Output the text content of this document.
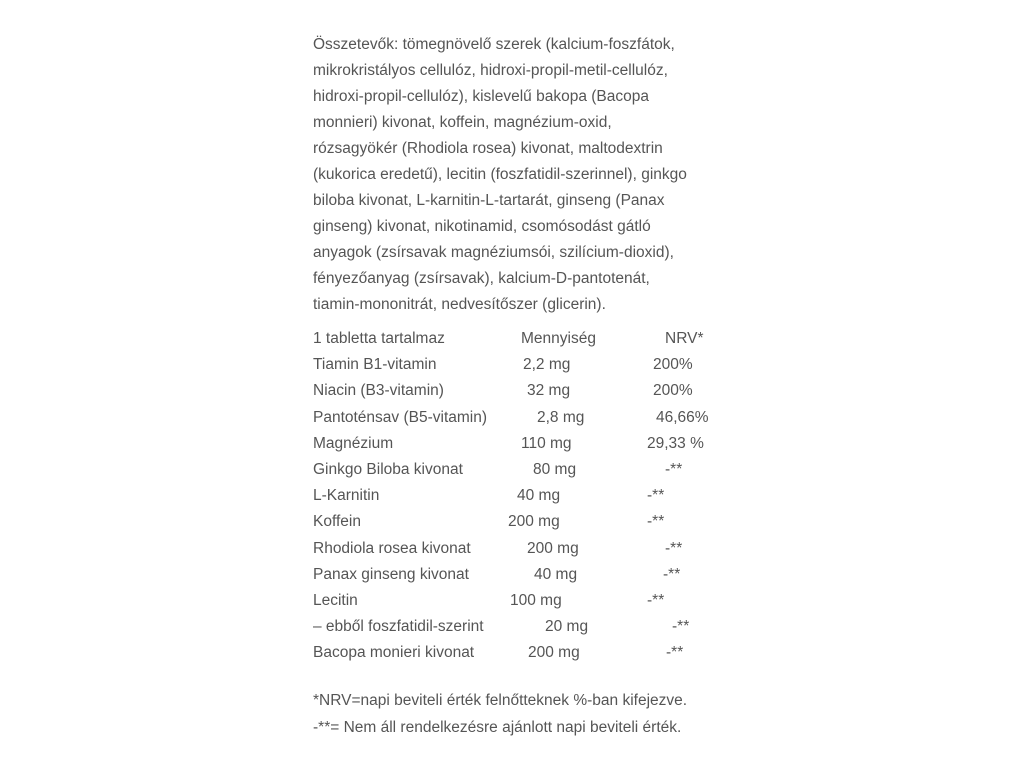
Összetevők: tömegnövelő szerek (kalcium-foszfátok,
mikrokristályos cellulóz, hidroxi-propil-metil-cellulóz,
hidroxi-propil-cellulóz), kislevelű bakopa (Bacopa
monnieri) kivonat, koffein, magnézium-oxid,
rózsagyökér (Rhodiola rosea) kivonat, maltodextrin
(kukorica eredetű), lecitin (foszfatidil-szerinnel), ginkgo
biloba kivonat, L-karnitin-L-tartarát, ginseng (Panax
ginseng) kivonat, nikotinamid, csomósodást gátló
anyagok (zsírsavak magnéziumsói, szilícium-dioxid),
fényezőanyag (zsírsavak), kalcium-D-pantotenát,
tiamin-mononitrát, nedvesítőszer (glicerin).
1 tabletta tartalmaz	Mennyiség	NRV*
Tiamin B1-vitamin	2,2 mg	200%
Niacin (B3-vitamin)	32 mg	200%
Pantoténsav (B5-vitamin)	2,8 mg	46,66%
Magnézium	110 mg	29,33 %
Ginkgo Biloba kivonat	80 mg	-**
L-Karnitin	40 mg	-**
Koffein	200 mg	-**
Rhodiola rosea kivonat	200 mg	-**
Panax ginseng kivonat	40 mg	-**
Lecitin	100 mg	-**
– ebből foszfatidil-szerint	20 mg	-**
Bacopa monieri kivonat	200 mg	-**
*NRV=napi beviteli érték felnőtteknek %-ban kifejezve.
-**= Nem áll rendelkezésre ajánlott napi beviteli érték.
